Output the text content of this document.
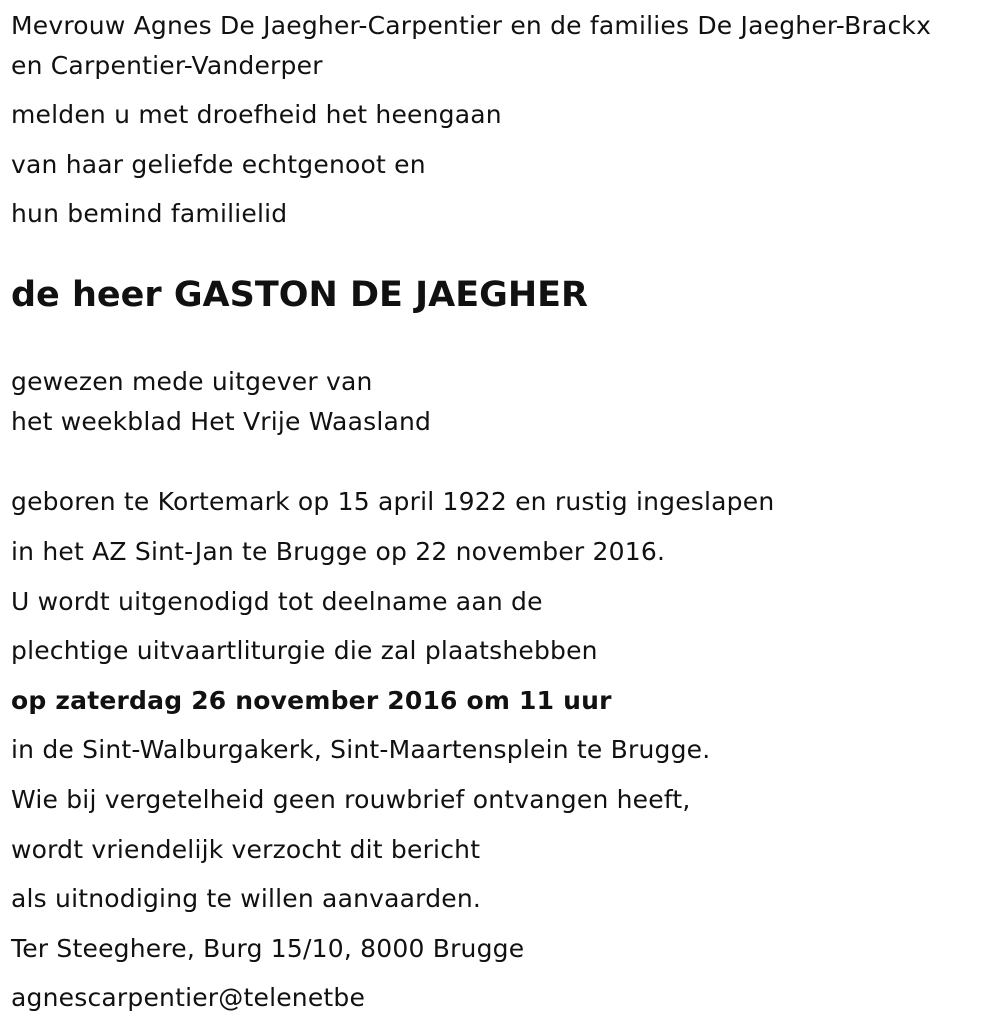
Mevrouw Agnes De Jaegher-Carpentier en de families De Jaegher-Brackx
en Carpentier-Vanderper
melden u met droefheid het heengaan
van haar geliefde echtgenoot en
hun bemind familielid
de heer GASTON DE JAEGHER
gewezen mede uitgever van
het weekblad Het Vrije Waasland
geboren te Kortemark op 15 april 1922 en rustig ingeslapen
in het AZ Sint-Jan te Brugge op 22 november 2016.
U wordt uitgenodigd tot deelname aan de
plechtige uitvaartliturgie die zal plaatshebben
op zaterdag 26 november 2016 om 11 uur
in de Sint-Walburgakerk, Sint-Maartensplein te Brugge.
Wie bij vergetelheid geen rouwbrief ontvangen heeft,
wordt vriendelijk verzocht dit bericht
als uitnodiging te willen aanvaarden.
Ter Steeghere, Burg 15/10, 8000 Brugge
agnescarpentier@telenetbe
